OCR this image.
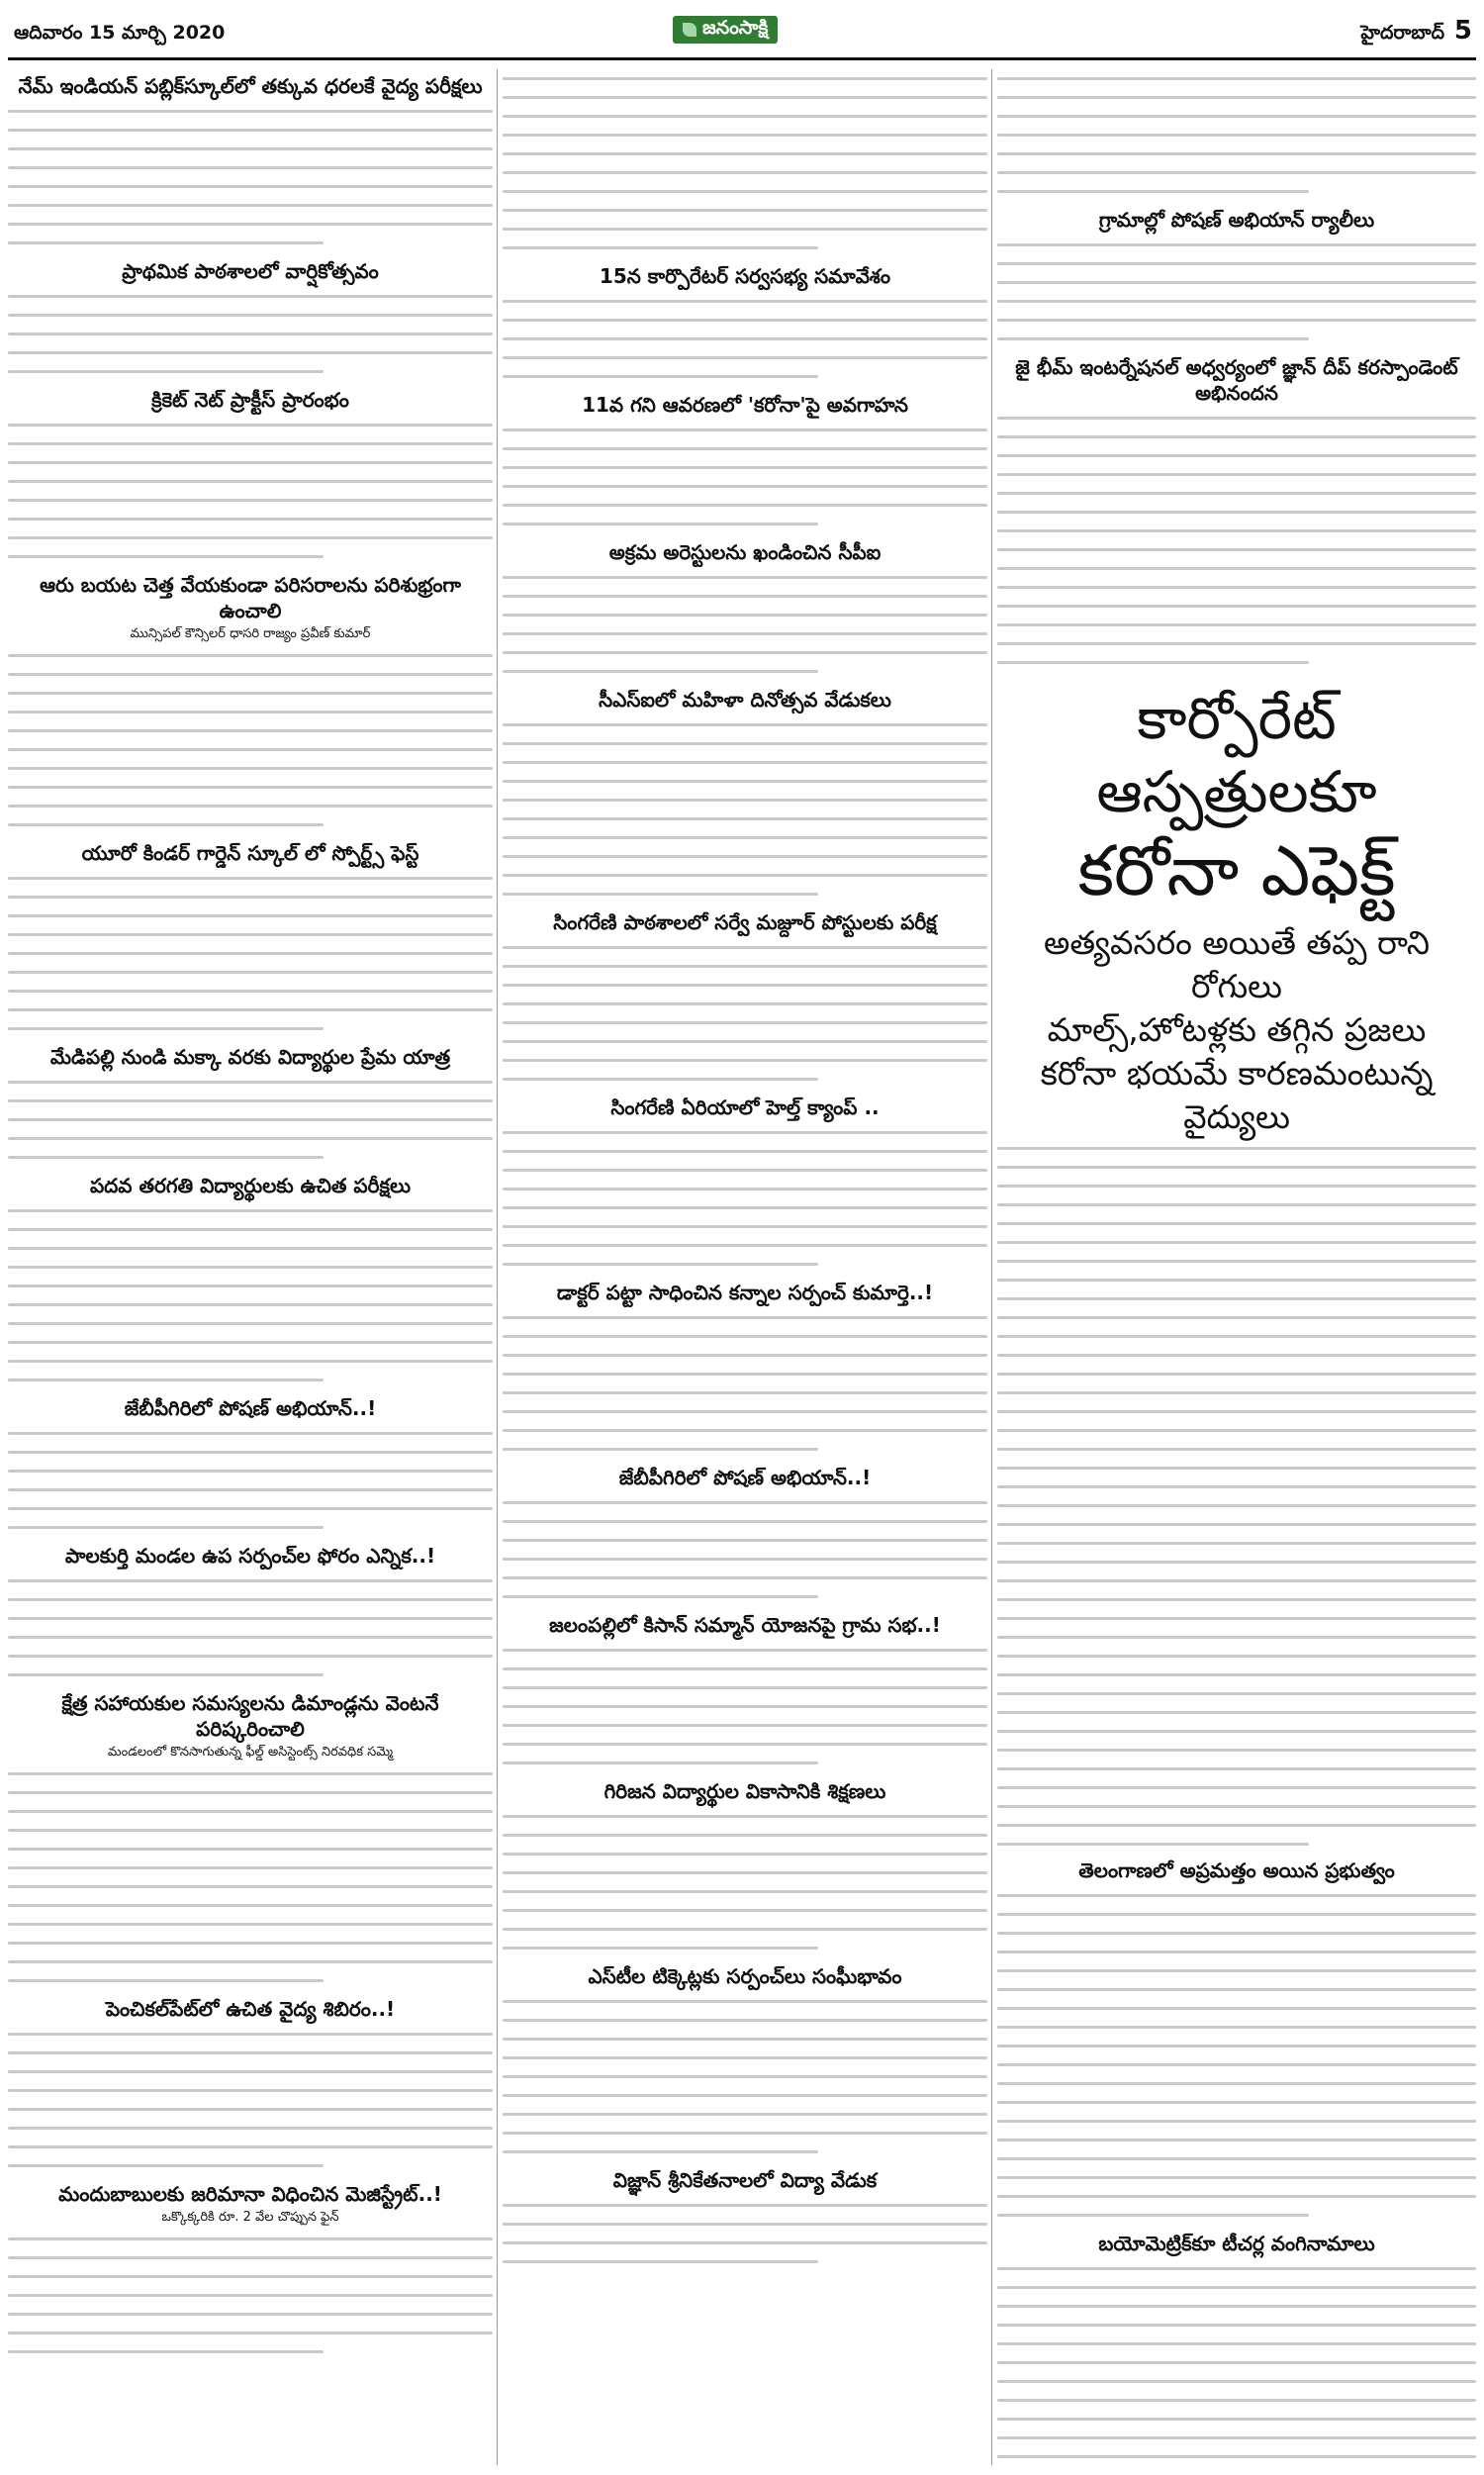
ఆదివారం 15 మార్చి 2020	జనంసాక్షి	హైదరాబాద్ 5
నేమ్ ఇండియన్ పబ్లిక్‌స్కూల్‌లో తక్కువ ధరలకే వైద్య పరీక్షలు
ప్రాథమిక పాఠశాలలో వార్షికోత్సవం
క్రికెట్ నెట్ ప్రాక్టీస్ ప్రారంభం
ఆరు బయట చెత్త వేయకుండా పరిసరాలను పరిశుభ్రంగా ఉంచాలి
మున్సిపల్ కౌన్సిలర్ ధాసరి రాజ్యం ప్రవీణ్ కుమార్
యూరో కిండర్ గార్డెన్ స్కూల్ లో స్పోర్ట్స్ ఫెస్ట్
మేడిపల్లి నుండి మక్కా వరకు విద్యార్థుల ప్రేమ యాత్ర
పదవ తరగతి విద్యార్థులకు ఉచిత పరీక్షలు
జేబీపీగిరిలో పోషణ్ అభియాన్..!
పాలకుర్తి మండల ఉప సర్పంచ్‌ల ఫోరం ఎన్నిక..!
క్షేత్ర సహాయకుల సమస్యలను డిమాండ్లను వెంటనే పరిష్కరించాలి
మండలంలో కొనసాగుతున్న ఫీల్డ్ అసిస్టెంట్స్ నిరవధిక సమ్మె
పెంచికల్‌పేట్‌లో ఉచిత వైద్య శిబిరం..!
మందుబాబులకు జరిమానా విధించిన మెజిస్ట్రేట్..!
ఒక్కొక్కరికి రూ. 2 వేల చొప్పున ఫైన్
15న కార్పొరేటర్ సర్వసభ్య సమావేశం
11వ గని ఆవరణలో 'కరోనా'పై అవగాహన
అక్రమ అరెస్టులను ఖండించిన సీపీఐ
సీఎస్‌ఐలో మహిళా దినోత్సవ వేడుకలు
సింగరేణి పాఠశాలలో సర్వే మజ్దూర్ పోస్టులకు పరీక్ష
సింగరేణి ఏరియాలో హెల్త్ క్యాంప్ ..
డాక్టర్ పట్టా సాధించిన కన్నాల సర్పంచ్ కుమార్తె..!
జేబీపీగిరిలో పోషణ్ అభియాన్..!
జలంపల్లిలో కిసాన్ సమ్మాన్ యోజనపై గ్రామ సభ..!
గిరిజన విద్యార్థుల వికాసానికి శిక్షణలు
ఎస్‌టీల టిక్కెట్లకు సర్పంచ్‌లు సంఘీభావం
విజ్ఞాన్ శ్రీనికేతనాలలో విద్యా వేడుక
గ్రామాల్లో పోషణ్ అభియాన్ ర్యాలీలు
జై భీమ్ ఇంటర్నేషనల్ అధ్వర్యంలో జ్ఞాన్ దీప్ కరస్పాండెంట్ అభినందన
కార్పోరేట్ ఆస్పత్రులకూ
కరోనా ఎఫెక్ట్
అత్యవసరం అయితే తప్ప రాని రోగులు
మాల్స్,హోటళ్లకు తగ్గిన ప్రజలు
కరోనా భయమే కారణమంటున్న వైద్యులు
తెలంగాణలో అప్రమత్తం అయిన ప్రభుత్వం
బయోమెట్రిక్‌కూ టీచర్ల వంగినామాలు
